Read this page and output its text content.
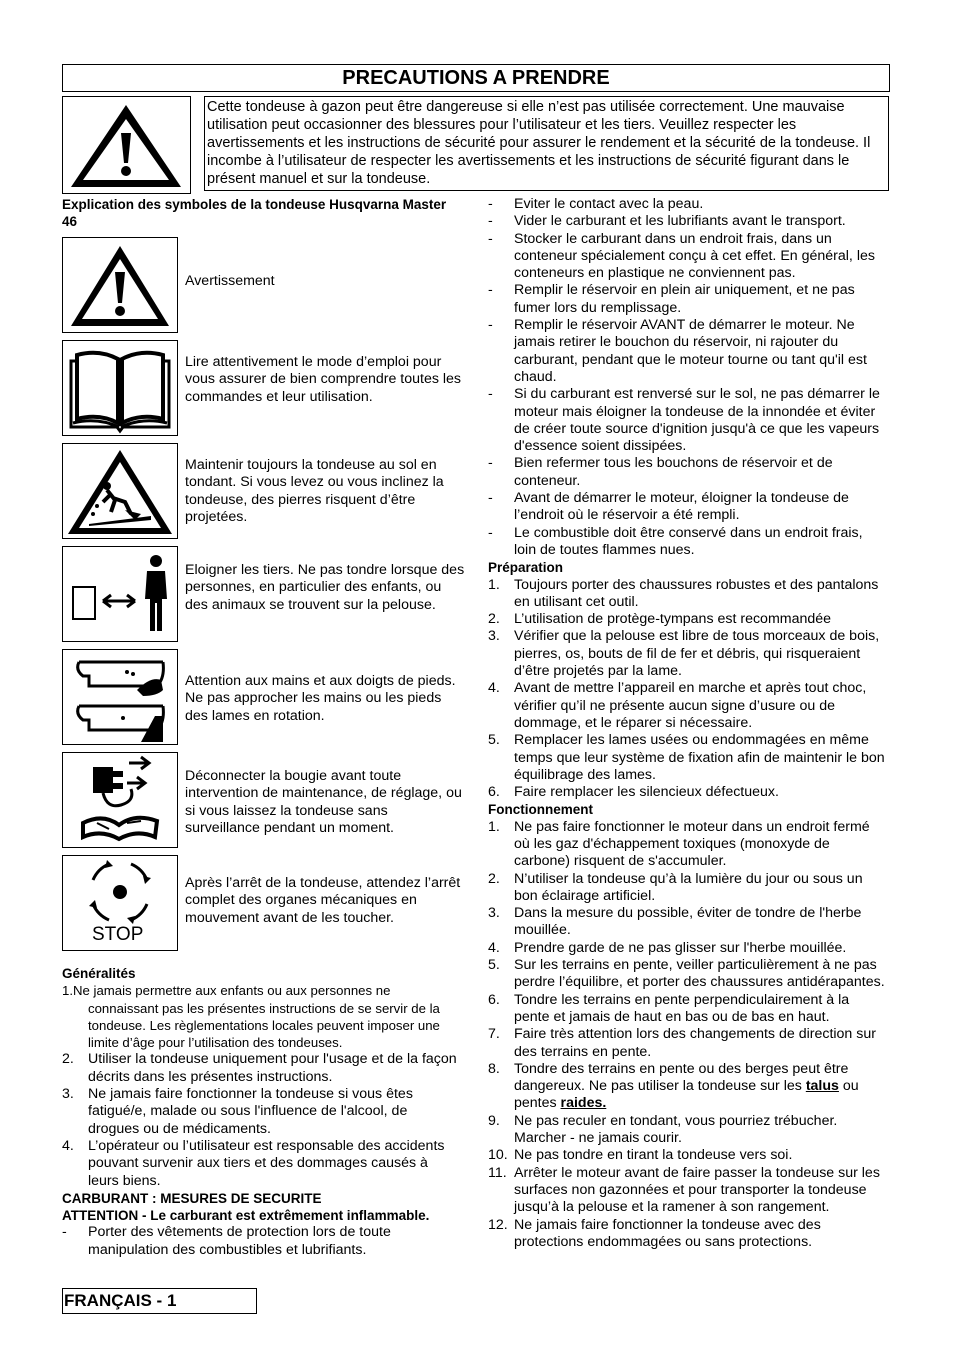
PRECAUTIONS A PRENDRE
Cette tondeuse à gazon peut être dangereuse si elle n’est pas utilisée correctement. Une mauvaise utilisation peut occasionner des blessures pour l’utilisateur et les tiers. Veuillez respecter les avertissements et les instructions de sécurité pour assurer le rendement et la sécurité de la tondeuse. Il incombe à l’utilisateur de respecter les avertissements et les instructions de sécurité figurant dans le présent manuel et sur la tondeuse.
Explication des symboles de la tondeuse Husqvarna Master 46
Avertissement
Lire attentivement le mode d’emploi pour vous assurer de bien comprendre toutes les commandes et leur utilisation.
Maintenir toujours la tondeuse au sol en tondant. Si vous levez ou vous inclinez la tondeuse, des pierres risquent d’être projetées.
Eloigner les tiers. Ne pas tondre lorsque des personnes, en particulier des enfants, ou des animaux se trouvent sur la pelouse.
Attention aux mains et aux doigts de pieds. Ne pas approcher les mains ou les pieds des lames en rotation.
Déconnecter la bougie avant toute intervention de maintenance, de réglage, ou si vous laissez la tondeuse sans surveillance pendant un moment.
STOP
Après l’arrêt de la tondeuse, attendez l’arrêt complet des organes mécaniques en mouvement avant de les toucher.
Généralités
1.Ne jamais permettre aux enfants ou aux personnes ne connaissant pas les présentes instructions de se servir de la tondeuse. Les règlementations locales peuvent imposer une limite d’âge pour l’utilisation des tondeuses.
2. Utiliser la tondeuse uniquement pour l'usage et de la façon décrits dans les présentes instructions.
3. Ne jamais faire fonctionner la tondeuse si vous êtes fatigué/e, malade ou sous l'influence de l'alcool, de drogues ou de médicaments.
4. L’opérateur ou l’utilisateur est responsable des accidents pouvant survenir aux tiers et des dommages causés à leurs biens.
CARBURANT : MESURES DE SECURITE
ATTENTION - Le carburant est extrêmement inflammable.
- Porter des vêtements de protection lors de toute manipulation des combustibles et lubrifiants.
- Eviter le contact avec la peau.
- Vider le carburant et les lubrifiants avant le transport.
- Stocker le carburant dans un endroit frais, dans un conteneur spécialement conçu à cet effet. En général, les conteneurs en plastique ne conviennent pas.
- Remplir le réservoir en plein air uniquement, et ne pas fumer lors du remplissage.
- Remplir le réservoir AVANT de démarrer le moteur. Ne jamais retirer le bouchon du réservoir, ni rajouter du carburant, pendant que le moteur tourne ou tant qu'il est chaud.
- Si du carburant est renversé sur le sol, ne pas démarrer le moteur mais éloigner la tondeuse de la innondée et éviter de créer toute source d'ignition jusqu'à ce que les vapeurs d'essence soient dissipées.
- Bien refermer tous les bouchons de réservoir et de conteneur.
- Avant de démarrer le moteur, éloigner la tondeuse de l’endroit où le réservoir a été rempli.
- Le combustible doit être conservé dans un endroit frais, loin de toutes flammes nues.
Préparation
1. Toujours porter des chaussures robustes et des pantalons en utilisant cet outil.
2. L’utilisation de protège-tympans est recommandée
3. Vérifier que la pelouse est libre de tous morceaux de bois, pierres, os, bouts de fil de fer et débris, qui risqueraient d’être projetés par la lame.
4. Avant de mettre l’appareil en marche et après tout choc, vérifier qu’il ne présente aucun signe d’usure ou de dommage, et le réparer si nécessaire.
5. Remplacer les lames usées ou endommagées en même temps que leur système de fixation afin de maintenir le bon équilibrage des lames.
6. Faire remplacer les silencieux défectueux.
Fonctionnement
1. Ne pas faire fonctionner le moteur dans un endroit fermé où les gaz d'échappement toxiques (monoxyde de carbone) risquent de s'accumuler.
2. N’utiliser la tondeuse qu’à la lumière du jour ou sous un bon éclairage artificiel.
3. Dans la mesure du possible, éviter de tondre de l'herbe mouillée.
4. Prendre garde de ne pas glisser sur l'herbe mouillée.
5. Sur les terrains en pente, veiller particulièrement à ne pas perdre l’équilibre, et porter des chaussures antidérapantes.
6. Tondre les terrains en pente perpendiculairement à la pente et jamais de haut en bas ou de bas en haut.
7. Faire très attention lors des changements de direction sur des terrains en pente.
8. Tondre des terrains en pente ou des berges peut être dangereux. Ne pas utiliser la tondeuse sur les talus ou pentes raides.
9. Ne pas reculer en tondant, vous pourriez trébucher. Marcher - ne jamais courir.
10. Ne pas tondre en tirant la tondeuse vers soi.
11. Arrêter le moteur avant de faire passer la tondeuse sur les surfaces non gazonnées et pour transporter la tondeuse jusqu’à la pelouse et la ramener à son rangement.
12. Ne jamais faire fonctionner la tondeuse avec des protections endommagées ou sans protections.
FRANÇAIS - 1
